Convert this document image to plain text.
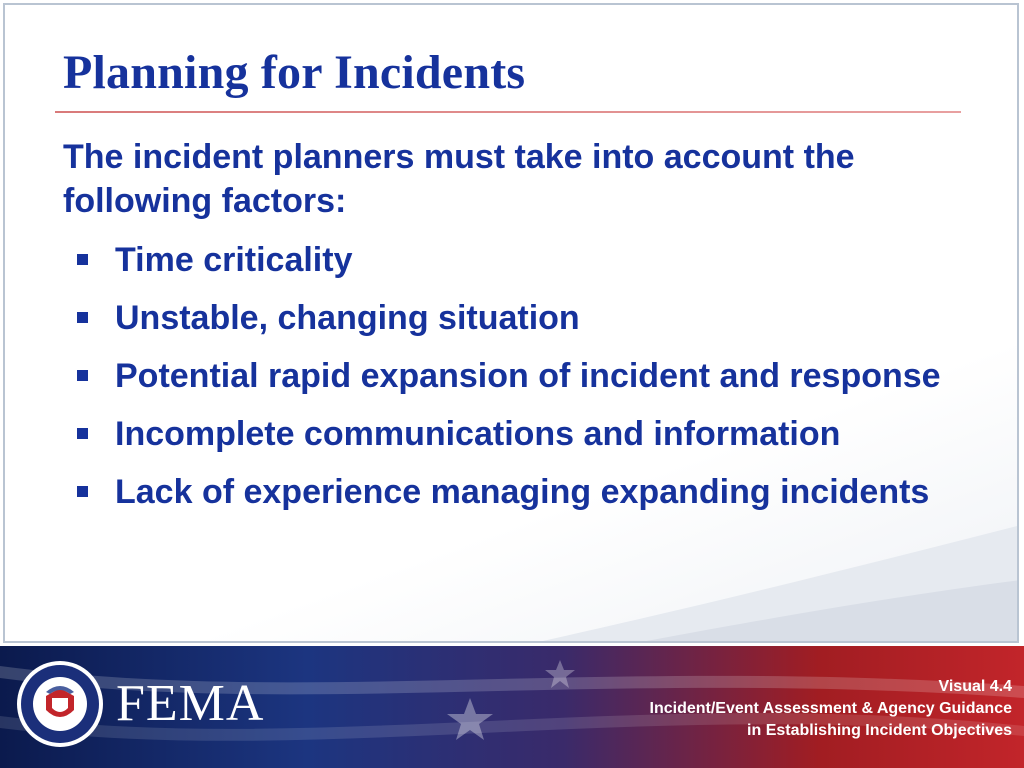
Planning for Incidents

The incident planners must take into account the following factors:

Time criticality
Unstable, changing situation
Potential rapid expansion of incident and response
Incomplete communications and information
Lack of experience managing expanding incidents
FEMA	Visual 4.4
Incident/Event Assessment & Agency Guidance
in Establishing Incident Objectives
